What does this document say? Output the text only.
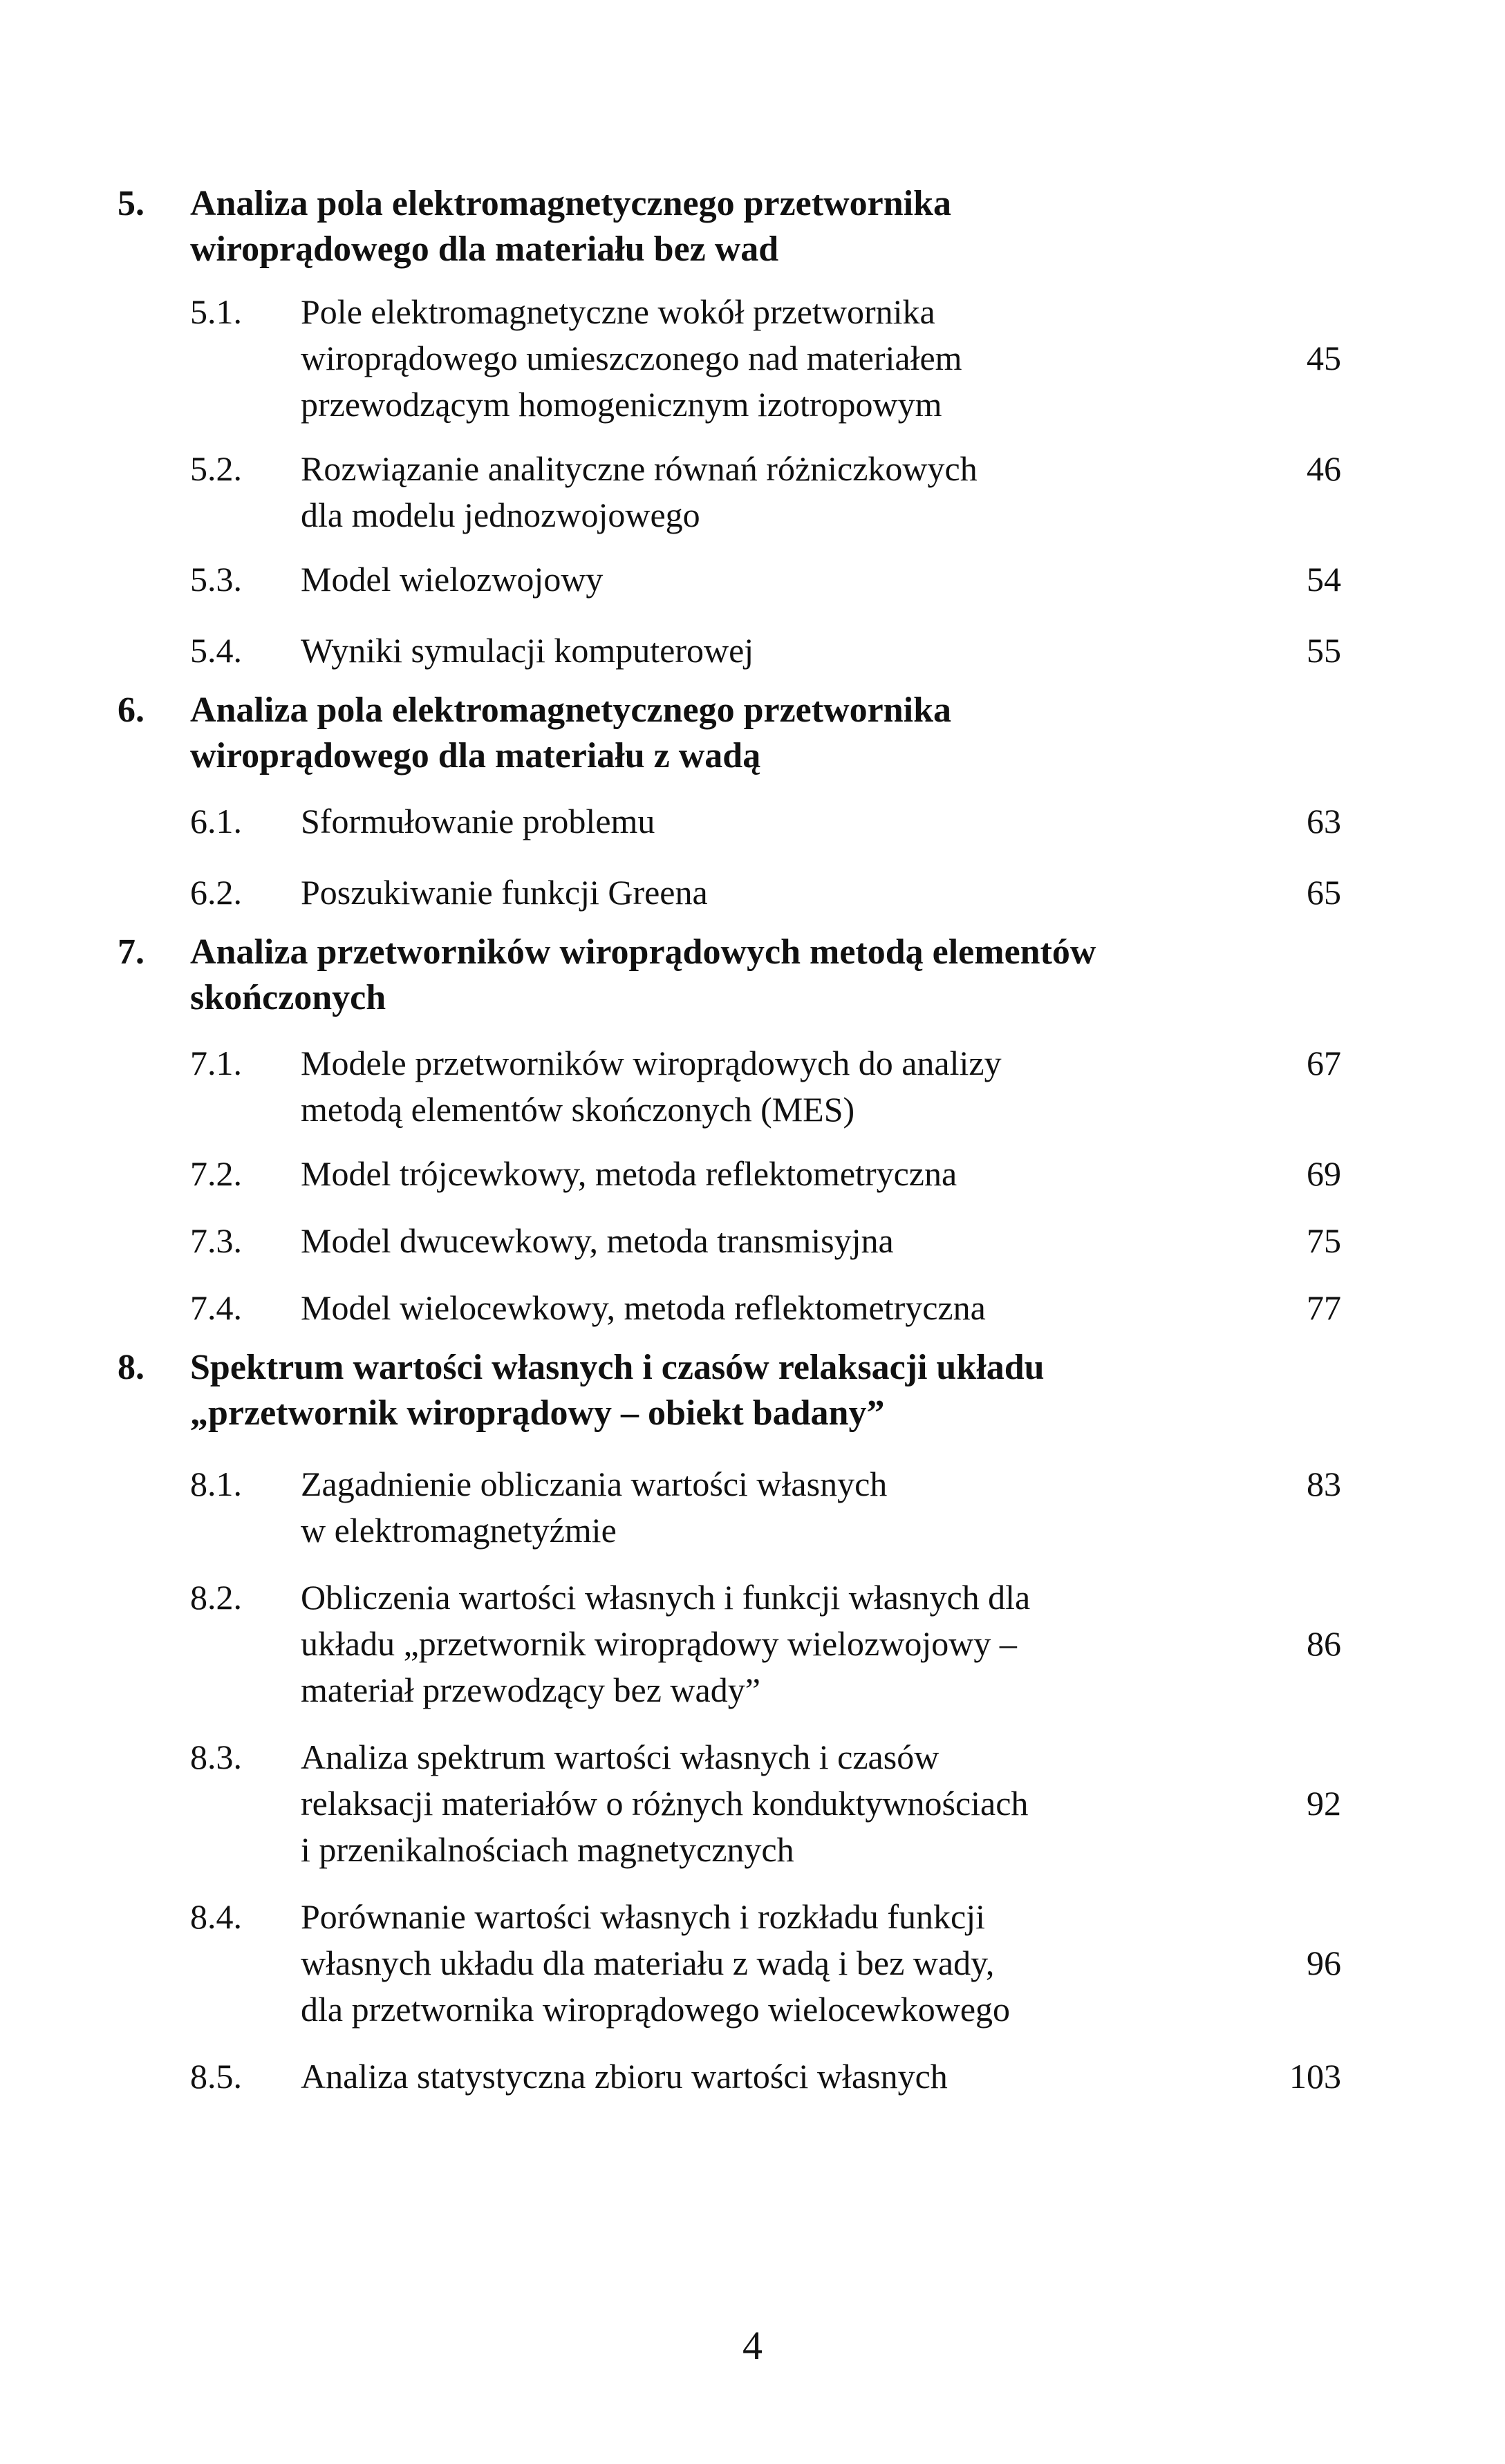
5.	Analiza pola elektromagnetycznego przetwornika
wiroprądowego dla materiału bez wad
5.1.	Pole elektromagnetyczne wokół przetwornika
wiroprądowego umieszczonego nad materiałem
przewodzącym homogenicznym izotropowym
45
5.2.	Rozwiązanie analityczne równań różniczkowych
dla modelu jednozwojowego
46
5.3.	Model wielozwojowy	54
5.4.	Wyniki symulacji komputerowej	55
6.	Analiza pola elektromagnetycznego przetwornika
wiroprądowego dla materiału z wadą
6.1.	Sformułowanie problemu	63
6.2.	Poszukiwanie funkcji Greena	65
7.	Analiza przetworników wiroprądowych metodą elementów
skończonych
7.1.	Modele przetworników wiroprądowych do analizy
metodą elementów skończonych (MES)
67
7.2.	Model trójcewkowy, metoda reflektometryczna	69
7.3.	Model dwucewkowy, metoda transmisyjna	75
7.4.	Model wielocewkowy, metoda reflektometryczna	77
8.	Spektrum wartości własnych i czasów relaksacji układu
„przetwornik wiroprądowy – obiekt badany”
8.1.	Zagadnienie obliczania wartości własnych
w elektromagnetyźmie
83
8.2.	Obliczenia wartości własnych i funkcji własnych dla
układu „przetwornik wiroprądowy wielozwojowy –
materiał przewodzący bez wady”
86
8.3.	Analiza spektrum wartości własnych i czasów
relaksacji materiałów o różnych konduktywnościach
i przenikalnościach magnetycznych
92
8.4.	Porównanie wartości własnych i rozkładu funkcji
własnych układu dla materiału z wadą i bez wady,
dla przetwornika wiroprądowego wielocewkowego
96
8.5.	Analiza statystyczna zbioru wartości własnych	103
4
